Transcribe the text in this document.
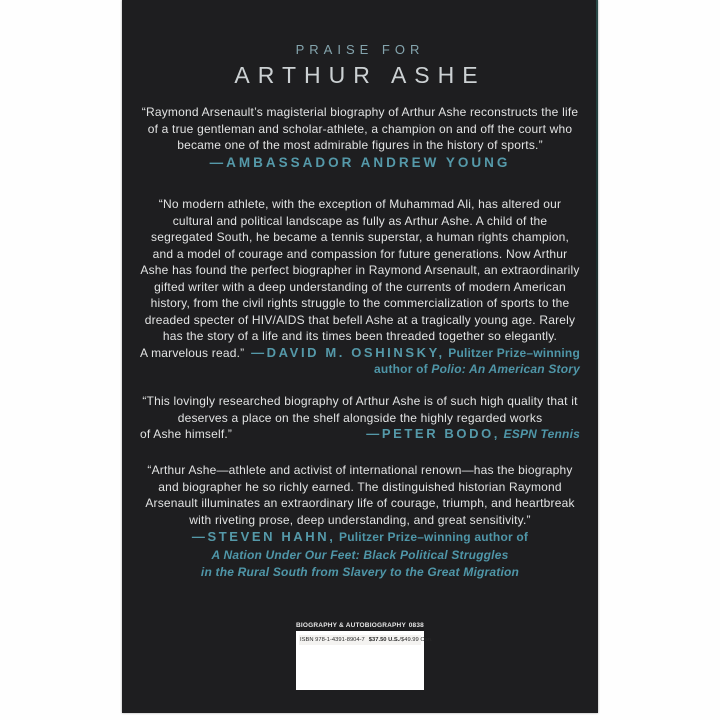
PRAISE FOR
ARTHUR ASHE
“Raymond Arsenault’s magisterial biography of Arthur Ashe reconstructs the life of a true gentleman and scholar-athlete, a champion on and off the court who became one of the most admirable figures in the history of sports.”
—AMBASSADOR ANDREW YOUNG
“No modern athlete, with the exception of Muhammad Ali, has altered our cultural and political landscape as fully as Arthur Ashe. A child of the segregated South, he became a tennis superstar, a human rights champion, and a model of courage and compassion for future generations. Now Arthur Ashe has found the perfect biographer in Raymond Arsenault, an extraordinarily gifted writer with a deep understanding of the currents of modern American history, from the civil rights struggle to the commercialization of sports to the dreaded specter of HIV/AIDS that befell Ashe at a tragically young age. Rarely has the story of a life and its times been threaded together so elegantly.
A marvelous read.” —DAVID M. OSHINSKY, Pulitzer Prize–winning
author of Polio: An American Story
“This lovingly researched biography of Arthur Ashe is of such high quality that it deserves a place on the shelf alongside the highly regarded works
of Ashe himself.”	—PETER BODO, ESPN Tennis
“Arthur Ashe—athlete and activist of international renown—has the biography and biographer he so richly earned. The distinguished historian Raymond Arsenault illuminates an extraordinary life of courage, triumph, and heartbreak with riveting prose, deep understanding, and great sensitivity.”
—STEVEN HAHN, Pulitzer Prize–winning author of
A Nation Under Our Feet: Black Political Struggles
in the Rural South from Slavery to the Great Migration
BIOGRAPHY & AUTOBIOGRAPHY 0838
ISBN 978-1-4391-8904-7 $37.50 U.S./$49.99 Can.
